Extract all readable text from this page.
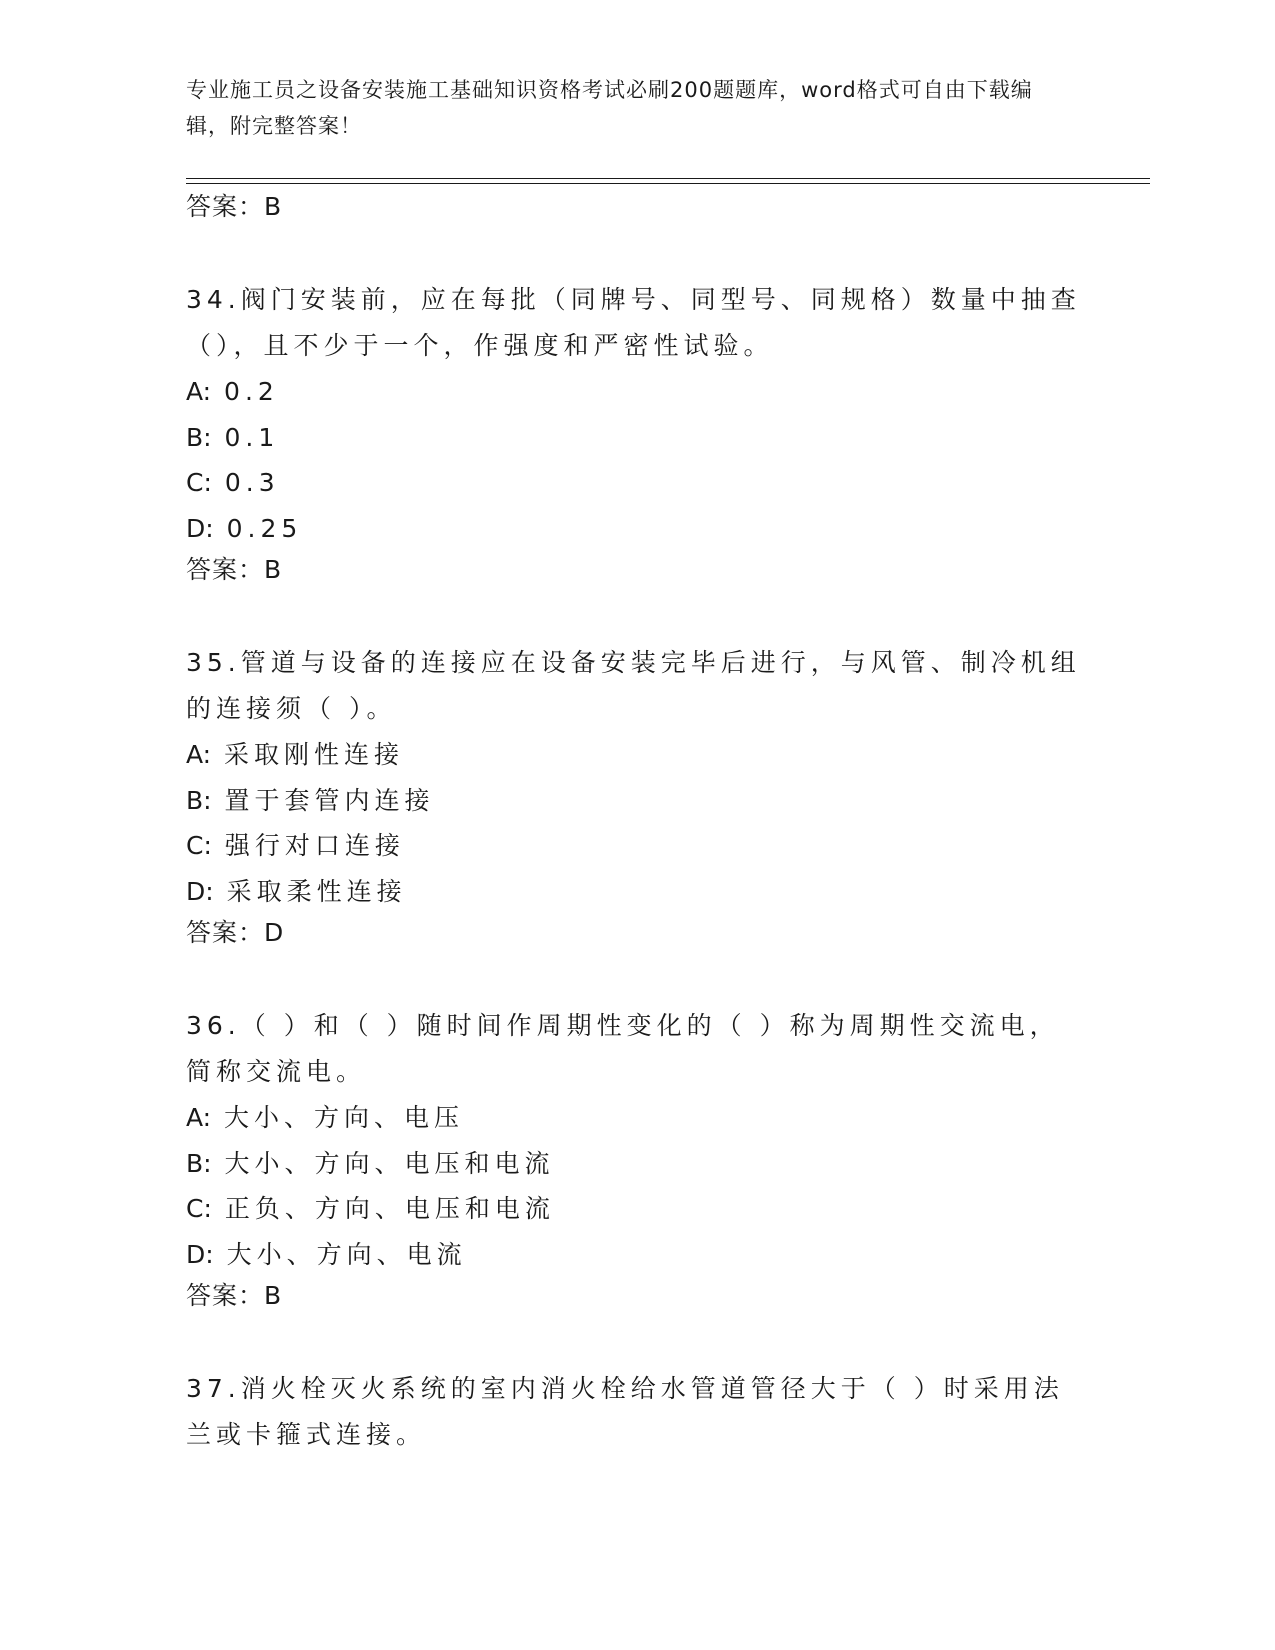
专业施工员之设备安装施工基础知识资格考试必刷200题题库，word格式可自由下载编辑，附完整答案！
答案：B
34.阀门安装前，应在每批（同牌号、同型号、同规格）数量中抽查（），且不少于一个，作强度和严密性试验。
A: 0.2
B: 0.1
C: 0.3
D: 0.25
答案：B
35.管道与设备的连接应在设备安装完毕后进行，与风管、制冷机组的连接须（ ）。
A: 采取刚性连接
B: 置于套管内连接
C: 强行对口连接
D: 采取柔性连接
答案：D
36.（ ）和（ ）随时间作周期性变化的（ ）称为周期性交流电，简称交流电。
A: 大小、方向、电压
B: 大小、方向、电压和电流
C: 正负、方向、电压和电流
D: 大小、方向、电流
答案：B
37.消火栓灭火系统的室内消火栓给水管道管径大于（ ）时采用法兰或卡箍式连接。
